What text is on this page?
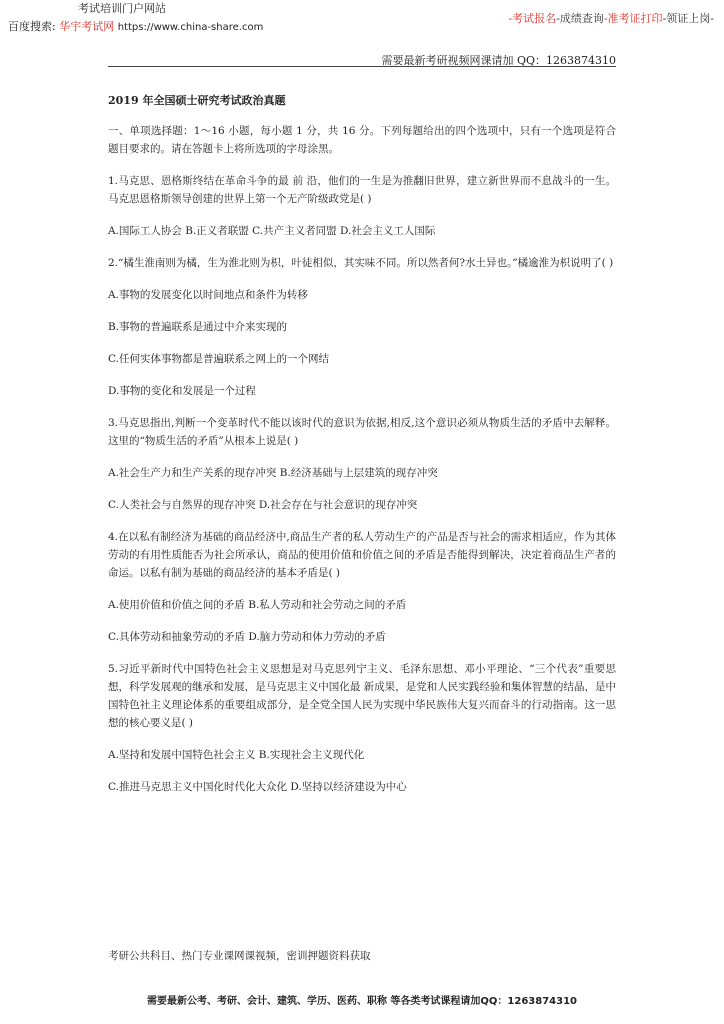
考试培训门户网站
百度搜索: 华宇考试网 https://www.china-share.com
-考试报名-成绩查询-准考证打印-领证上岗-
需要最新考研视频网课请加 QQ：1263874310
2019 年全国硕士研究考试政治真题

一、单项选择题：1～16 小题，每小题 1 分，共 16 分。下列每题给出的四个选项中，只有一个选项是符合题目要求的。请在答题卡上将所选项的字母涂黑。

1.马克思、恩格斯终结在革命斗争的最 前 沿，他们的一生是为推翻旧世界，建立新世界而不息战斗的一生。马克思恩格斯领导创建的世界上第一个无产阶级政党是( )

A.国际工人协会 B.正义者联盟 C.共产主义者同盟 D.社会主义工人国际

2.“橘生淮南则为橘，生为淮北则为枳，叶徒相似，其实味不同。所以然者何?水土异也。”橘逾淮为枳说明了( )

A.事物的发展变化以时间地点和条件为转移

B.事物的普遍联系是通过中介来实现的

C.任何实体事物都是普遍联系之网上的一个网结

D.事物的变化和发展是一个过程

3.马克思指出,判断一个变革时代不能以该时代的意识为依据,相反,这个意识必须从物质生活的矛盾中去解释。这里的“物质生活的矛盾”从根本上说是( )

A.社会生产力和生产关系的现存冲突 B.经济基础与上层建筑的现存冲突

C.人类社会与自然界的现存冲突 D.社会存在与社会意识的现存冲突

4.在以私有制经济为基础的商品经济中,商品生产者的私人劳动生产的产品是否与社会的需求相适应，作为其体劳动的有用性质能否为社会所承认，商品的使用价值和价值之间的矛盾是否能得到解决，决定着商品生产者的命运。以私有制为基础的商品经济的基本矛盾是( )

A.使用价值和价值之间的矛盾 B.私人劳动和社会劳动之间的矛盾

C.具体劳动和抽象劳动的矛盾 D.脑力劳动和体力劳动的矛盾

5.习近平新时代中国特色社会主义思想是对马克思列宁主义、毛泽东思想、邓小平理论、“三个代表”重要思想，科学发展观的继承和发展，是马克思主义中国化最 新成果，是党和人民实践经验和集体智慧的结晶，是中国特色社主义理论体系的重要组成部分，是全党全国人民为实现中华民族伟大复兴而奋斗的行动指南。这一思想的核心要义是( )

A.坚持和发展中国特色社会主义 B.实现社会主义现代化

C.推进马克思主义中国化时代化大众化 D.坚持以经济建设为中心

考研公共科目、热门专业课网课视频，密训押题资料获取
需要最新公考、考研、会计、建筑、学历、医药、职称 等各类考试课程请加QQ：1263874310
